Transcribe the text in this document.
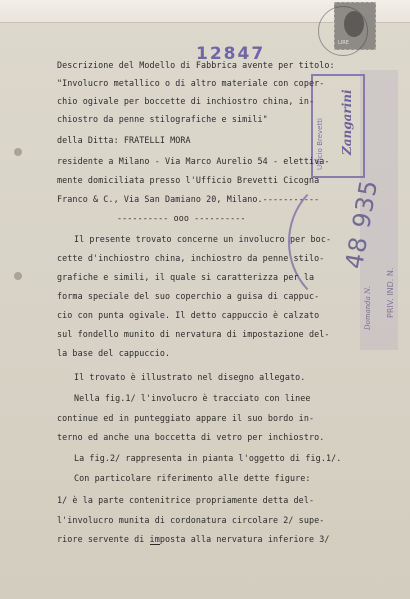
LIRE
12847
Ufficio Brevetti Zangarini
48 935
Domanda N. PRIV. IND. N.
Descrizione del Modello di Fabbrica avente per titolo:
"Involucro metallico o di altro materiale con coper-
chio ogivale per boccette di inchiostro china, in-
chiostro da penne stilografiche e simili"
della Ditta: FRATELLI MORA
residente a Milano - Via Marco Aurelio 54 - elettiva-
mente domiciliata presso l'Ufficio Brevetti Cicogna
Franco & C., Via San Damiano 20, Milano.-----------
---------- ooo ----------
Il presente trovato concerne un involucro per boc-
cette d'inchiostro china, inchiostro da penne stilo-
grafiche e simili, il quale si caratterizza per la
forma speciale del suo coperchio a guisa di cappuc-
cio con punta ogivale. Il detto cappuccio è calzato
sul fondello munito di nervatura di impostazione del-
la base del cappuccio.
Il trovato è illustrato nel disegno allegato.
Nella fig.1/ l'involucro è tracciato con linee
continue ed in punteggiato appare il suo bordo in-
terno ed anche una boccetta di vetro per inchiostro.
La fig.2/ rappresenta in pianta l'oggetto di fig.1/.
Con particolare riferimento alle dette figure:
1/ è la parte contenitrice propriamente detta del-
l'involucro munita di cordonatura circolare 2/ supe-
riore servente di imposta alla nervatura inferiore 3/
